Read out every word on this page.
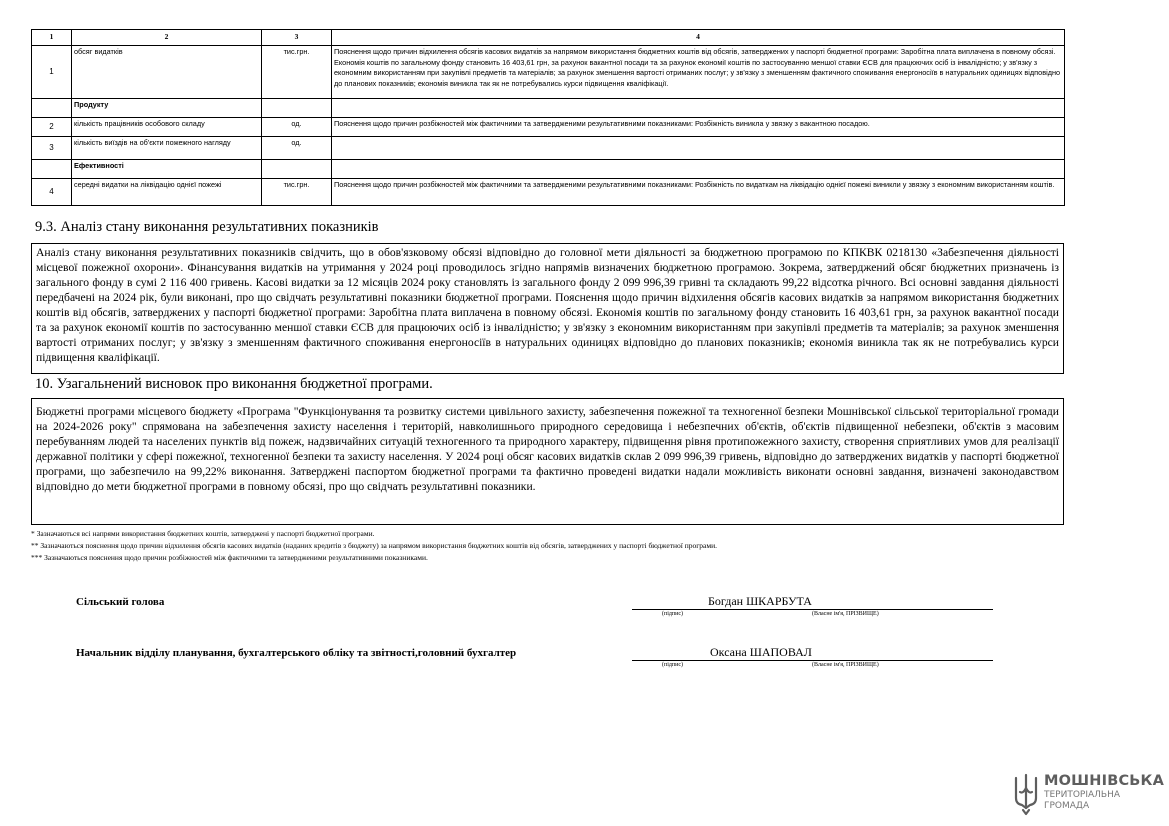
1	2	3	4
1	обсяг видатків	тис.грн.	Пояснення щодо причин відхилення обсягів касових видатків за напрямом використання бюджетних коштів від обсягів, затверджених у паспорті бюджетної програми: Заробітна плата виплачена в повному обсязі. Економія коштів по загальному фонду становить 16 403,61 грн, за рахунок вакантної посади та за рахунок економії коштів по застосуванню меншої ставки ЄСВ для працюючих осіб із інвалідністю; у зв'язку з економним використанням при закупівлі предметів та матеріалів; за рахунок зменшення вартості отриманих послуг; у зв'язку з зменшенням фактичного споживання енергоносіїв в натуральних одиницях відповідно до планових показників; економія виникла так як не потребувались курси підвищення кваліфікації.
	Продукту		
2	кількість працівників особового складу	од.	Пояснення щодо причин розбіжностей між фактичними та затвердженими результативними показниками: Розбіжність виникла у звязку з вакантною посадою.
3	кількість виїздів на об'єкти пожежного нагляду	од.	
	Ефективності		
4	середні видатки на ліквідацію однієї пожежі	тис.грн.	Пояснення щодо причин розбіжностей між фактичними та затвердженими результативними показниками: Розбіжність по видаткам на ліквідацію однієї пожежі виникли у звязку з економним використанням коштів.
9.3. Аналіз стану виконання результативних показників
Аналіз стану виконання результативних показників свідчить, що в обов'язковому обсязі відповідно до головної мети діяльності за бюджетною програмою по КПКВК 0218130 «Забезпечення діяльності місцевої пожежної охорони». Фінансування видатків на утримання у 2024 році проводилось згідно напрямів визначених бюджетною програмою. Зокрема, затверджений обсяг бюджетних призначень із загального фонду в сумі 2 116 400 гривень. Касові видатки за 12 місяців 2024 року становлять із загального фонду 2 099 996,39 гривні та складають 99,22 відсотка річного. Всі основні завдання діяльності передбачені на 2024 рік, були виконані, про що свідчать результативні показники бюджетної програми. Пояснення щодо причин відхилення обсягів касових видатків за напрямом використання бюджетних коштів від обсягів, затверджених у паспорті бюджетної програми: Заробітна плата виплачена в повному обсязі. Економія коштів по загальному фонду становить 16 403,61 грн, за рахунок вакантної посади та за рахунок економії коштів по застосуванню меншої ставки ЄСВ для працюючих осіб із інвалідністю; у зв'язку з економним використанням при закупівлі предметів та матеріалів; за рахунок зменшення вартості отриманих послуг; у зв'язку з зменшенням фактичного споживання енергоносіїв в натуральних одиницях відповідно до планових показників; економія виникла так як не потребувались курси підвищення кваліфікації.
10. Узагальнений висновок про виконання бюджетної програми.
Бюджетні програми місцевого бюджету «Програма "Функціонування та розвитку системи цивільного захисту, забезпечення пожежної та техногенної безпеки Мошнівської сільської територіальної громади на 2024-2026 року" спрямована на забезпечення захисту населення і територій, навколишнього природного середовища і небезпечних об'єктів, об'єктів підвищенної небезпеки, об'єктів з масовим перебуванням людей та населених пунктів від пожеж, надзвичайних ситуацій техногенного та природного характеру, підвищення рівня протипожежного захисту, створення сприятливих умов для реалізації державної політики у сфері пожежної, техногенної безпеки та захисту населення. У 2024 році обсяг касових видатків склав 2 099 996,39 гривень, відповідно до затверджених видатків у паспорті бюджетної програми, що забезпечило на 99,22% виконання. Затверджені паспортом бюджетної програми та фактично проведені видатки надали можливість виконати основні завдання, визначені законодавством відповідно до мети бюджетної програми в повному обсязі, про що свідчать результативні показники.
* Зазначаються всі напрями використання бюджетних коштів, затверджені у паспорті бюджетної програми.
** Зазначаються пояснення щодо причин відхилення обсягів касових видатків (наданих кредитів з бюджету) за напрямом використання бюджетних коштів від обсягів, затверджених у паспорті бюджетної програми.
*** Зазначаються пояснення щодо причин розбіжностей між фактичними та затвердженими результативними показниками.
Сільський голова	Богдан ШКАРБУТА
(підпис)	(Власне ім'я, ПРІЗВИЩЕ)
Начальник відділу планування, бухгалтерського обліку та звітності,головний бухгалтер	Оксана ШАПОВАЛ
(підпис)	(Власне ім'я, ПРІЗВИЩЕ)
МОШНІВСЬКА
ТЕРИТОРІАЛЬНА
ГРОМАДА
